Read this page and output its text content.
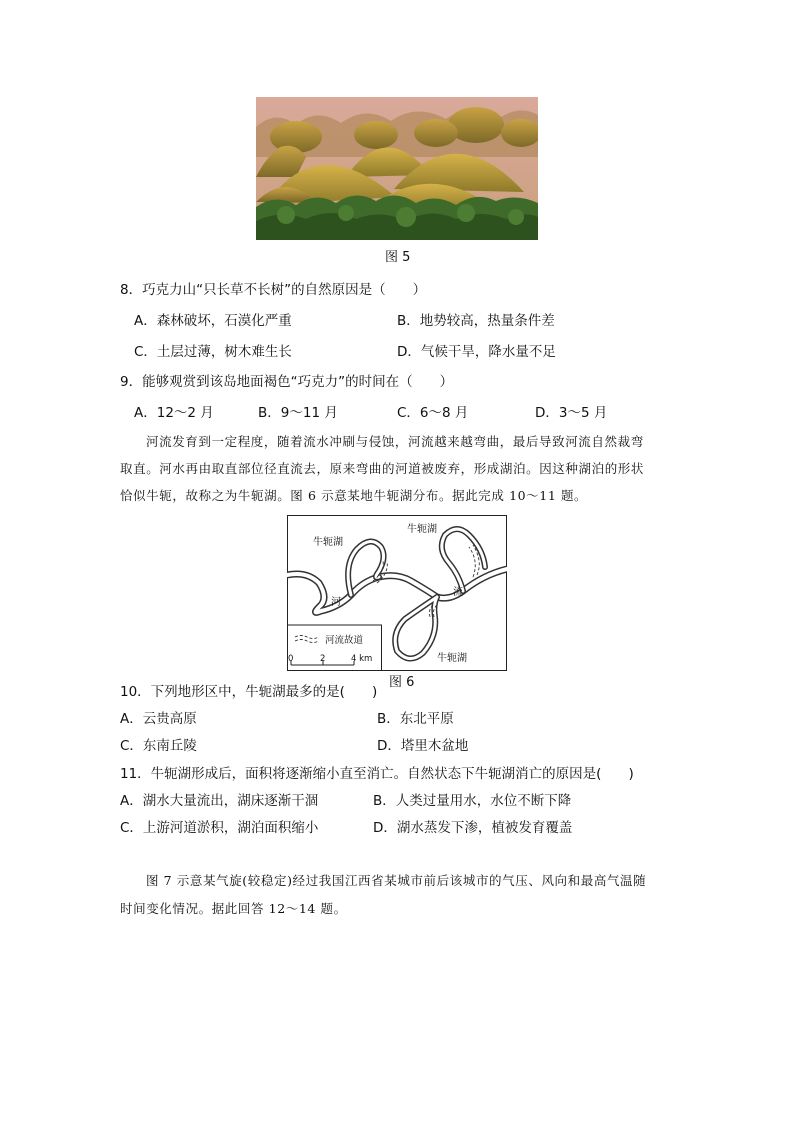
图 5
8．巧克力山“只长草不长树”的自然原因是（　　）
A．森林破坏，石漠化严重	B．地势较高，热量条件差
C．土层过薄，树木难生长	D．气候干旱，降水量不足
9．能够观赏到该岛地面褐色“巧克力”的时间在（　　）
A．12～2 月	B．9～11 月	C．6～8 月	D．3～5 月
河流发育到一定程度，随着流水冲刷与侵蚀，河流越来越弯曲，最后导致河流自然裁弯
取直。河水再由取直部位径直流去，原来弯曲的河道被废弃，形成湖泊。因这种湖泊的形状
恰似牛轭，故称之为牛轭湖。图 6 示意某地牛轭湖分布。据此完成 10～11 题。
牛轭湖
牛轭湖
牛轭湖
河
流
河流故道
0	2	4 km
图 6
10．下列地形区中，牛轭湖最多的是(　　)
A．云贵高原	B．东北平原
C．东南丘陵	D．塔里木盆地
11．牛轭湖形成后，面积将逐渐缩小直至消亡。自然状态下牛轭湖消亡的原因是(　　)
A．湖水大量流出，湖床逐渐干涸	B．人类过量用水，水位不断下降
C．上游河道淤积，湖泊面积缩小	D．湖水蒸发下渗，植被发育覆盖
图 7 示意某气旋(较稳定)经过我国江西省某城市前后该城市的气压、风向和最高气温随
时间变化情况。据此回答 12～14 题。
